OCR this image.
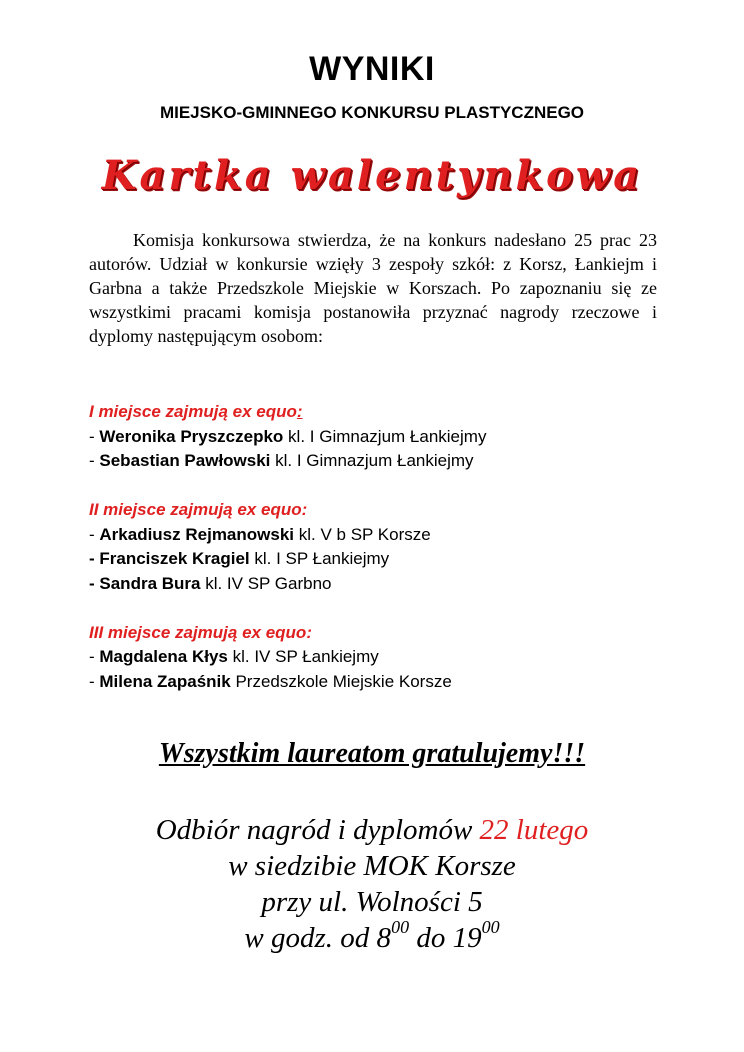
WYNIKI
MIEJSKO-GMINNEGO KONKURSU PLASTYCZNEGO
Kartka walentynkowa

Komisja konkursowa stwierdza, że na konkurs nadesłano 25 prac 23 autorów. Udział w konkursie wzięły 3 zespoły szkół: z Korsz, Łankiejm i Garbna a także Przedszkole Miejskie w Korszach. Po zapoznaniu się ze wszystkimi pracami komisja postanowiła przyznać nagrody rzeczowe i dyplomy następującym osobom:

I miejsce zajmują ex equo:
- Weronika Pryszczepko kl. I Gimnazjum Łankiejmy
- Sebastian Pawłowski kl. I Gimnazjum Łankiejmy
II miejsce zajmują ex equo:
- Arkadiusz Rejmanowski kl. V b SP Korsze
- Franciszek Kragiel kl. I SP Łankiejmy
- Sandra Bura kl. IV SP Garbno
III miejsce zajmują ex equo:
- Magdalena Kłys kl. IV SP Łankiejmy
- Milena Zapaśnik Przedszkole Miejskie Korsze
Wszystkim laureatom gratulujemy!!!
Odbiór nagród i dyplomów 22 lutego
w siedzibie MOK Korsze
przy ul. Wolności 5
w godz. od $8^{00}$ do $19^{00}$
